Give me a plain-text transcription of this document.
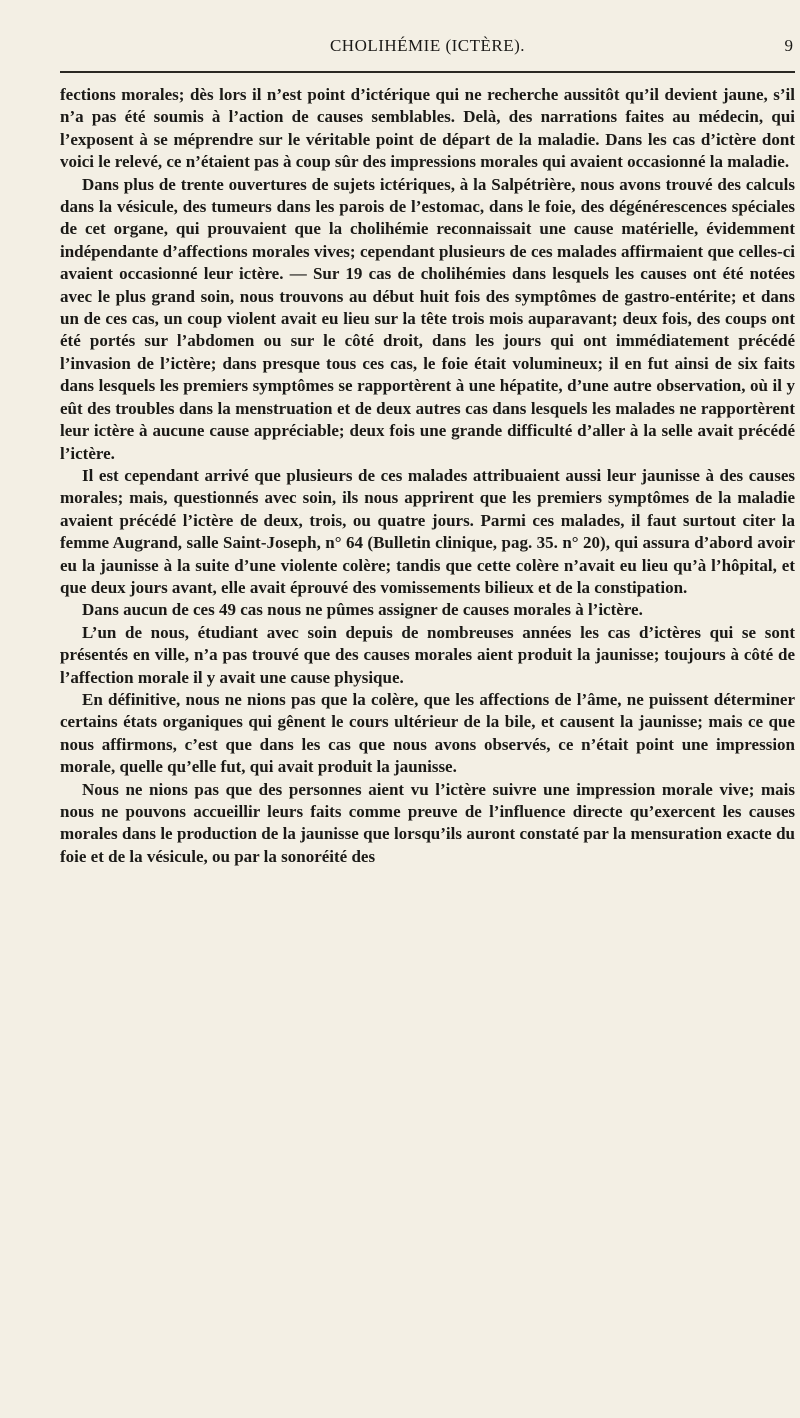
CHOLIHÉMIE (ICTÈRE).	9

fections morales; dès lors il n’est point d’ictérique qui ne recherche aussitôt qu’il devient jaune, s’il n’a pas été soumis à l’action de causes semblables. Delà, des narrations faites au médecin, qui l’exposent à se méprendre sur le véritable point de départ de la maladie. Dans les cas d’ictère dont voici le relevé, ce n’étaient pas à coup sûr des impressions morales qui avaient occasionné la maladie.

Dans plus de trente ouvertures de sujets ictériques, à la Salpétrière, nous avons trouvé des calculs dans la vésicule, des tumeurs dans les parois de l’estomac, dans le foie, des dégénérescences spéciales de cet organe, qui prouvaient que la cholihémie reconnaissait une cause matérielle, évidemment indépendante d’affections morales vives; cependant plusieurs de ces malades affirmaient que celles-ci avaient occasionné leur ictère. — Sur 19 cas de cholihémies dans lesquels les causes ont été notées avec le plus grand soin, nous trouvons au début huit fois des symptômes de gastro-entérite; et dans un de ces cas, un coup violent avait eu lieu sur la tête trois mois auparavant; deux fois, des coups ont été portés sur l’abdomen ou sur le côté droit, dans les jours qui ont immédiatement précédé l’invasion de l’ictère; dans presque tous ces cas, le foie était volumineux; il en fut ainsi de six faits dans lesquels les premiers symptômes se rapportèrent à une hépatite, d’une autre observation, où il y eût des troubles dans la menstruation et de deux autres cas dans lesquels les malades ne rapportèrent leur ictère à aucune cause appréciable; deux fois une grande difficulté d’aller à la selle avait précédé l’ictère.

Il est cependant arrivé que plusieurs de ces malades attribuaient aussi leur jaunisse à des causes morales; mais, questionnés avec soin, ils nous apprirent que les premiers symptômes de la maladie avaient précédé l’ictère de deux, trois, ou quatre jours. Parmi ces malades, il faut surtout citer la femme Augrand, salle Saint-Joseph, n° 64 (Bulletin clinique, pag. 35. n° 20), qui assura d’abord avoir eu la jaunisse à la suite d’une violente colère; tandis que cette colère n’avait eu lieu qu’à l’hôpital, et que deux jours avant, elle avait éprouvé des vomissements bilieux et de la constipation.

Dans aucun de ces 49 cas nous ne pûmes assigner de causes morales à l’ictère.

L’un de nous, étudiant avec soin depuis de nombreuses années les cas d’ictères qui se sont présentés en ville, n’a pas trouvé que des causes morales aient produit la jaunisse; toujours à côté de l’affection morale il y avait une cause physique.

En définitive, nous ne nions pas que la colère, que les affections de l’âme, ne puissent déterminer certains états organiques qui gênent le cours ultérieur de la bile, et causent la jaunisse; mais ce que nous affirmons, c’est que dans les cas que nous avons observés, ce n’était point une impression morale, quelle qu’elle fut, qui avait produit la jaunisse.

Nous ne nions pas que des personnes aient vu l’ictère suivre une impression morale vive; mais nous ne pouvons accueillir leurs faits comme preuve de l’influence directe qu’exercent les causes morales dans le production de la jaunisse que lorsqu’ils auront constaté par la mensuration exacte du foie et de la vésicule, ou par la sonoréité des
